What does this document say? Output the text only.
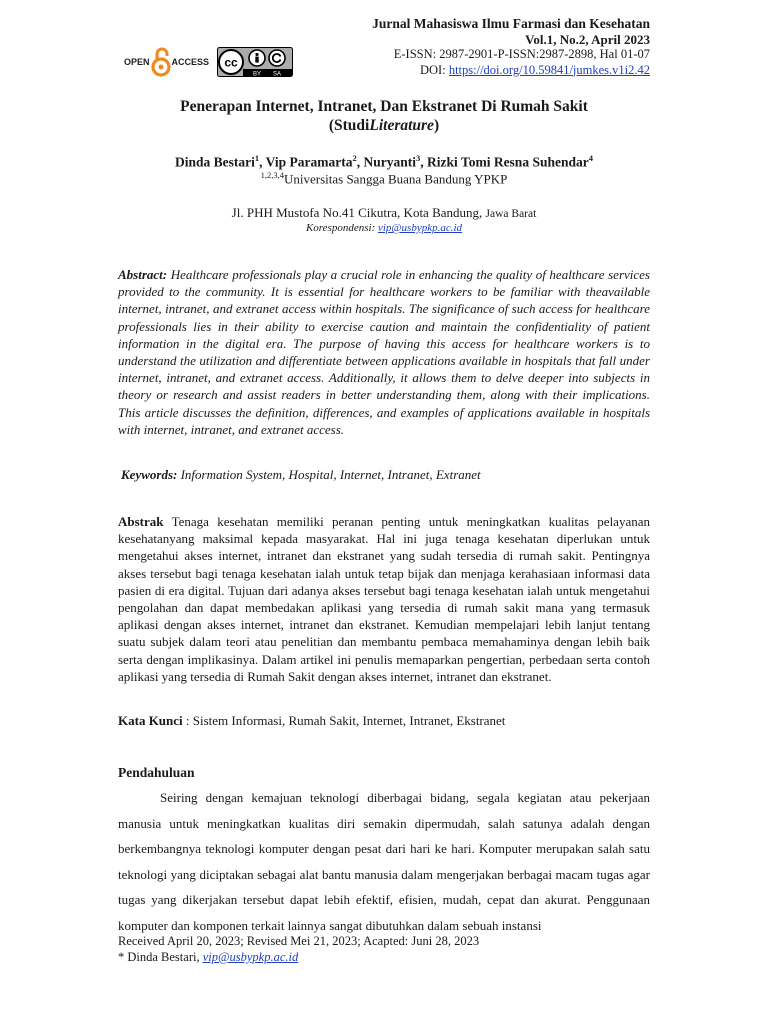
Jurnal Mahasiswa Ilmu Farmasi dan Kesehatan
Vol.1, No.2, April 2023
E-ISSN: 2987-2901-P-ISSN:2987-2898, Hal 01-07
DOI: https://doi.org/10.59841/jumkes.v1i2.42
OPEN ACCESS cc
BY SA
Penerapan Internet, Intranet, Dan Ekstranet Di Rumah Sakit
(StudiLiterature)
Dinda Bestari$^1$, Vip Paramarta$^2$, Nuryanti$^3$, Rizki Tomi Resna Suhendar$^4$
$^{1,2,3,4}$Universitas Sangga Buana Bandung YPKP
Jl. PHH Mustofa No.41 Cikutra, Kota Bandung, Jawa Barat
Korespondensi: vip@usbypkp.ac.id
Abstract: Healthcare professionals play a crucial role in enhancing the quality of healthcare services provided to the community. It is essential for healthcare workers to be familiar with theavailable internet, intranet, and extranet access within hospitals. The significance of such access for healthcare professionals lies in their ability to exercise caution and maintain the confidentiality of patient information in the digital era. The purpose of having this access for healthcare workers is to understand the utilization and differentiate between applications available in hospitals that fall under internet, intranet, and extranet access. Additionally, it allows them to delve deeper into subjects in theory or research and assist readers in better understanding them, along with their implications. This article discusses the definition, differences, and examples of applications available in hospitals with internet, intranet, and extranet access.
Keywords: Information System, Hospital, Internet, Intranet, Extranet
Abstrak Tenaga kesehatan memiliki peranan penting untuk meningkatkan kualitas pelayanan kesehatanyang maksimal kepada masyarakat. Hal ini juga tenaga kesehatan diperlukan untuk mengetahui akses internet, intranet dan ekstranet yang sudah tersedia di rumah sakit. Pentingnya akses tersebut bagi tenaga kesehatan ialah untuk tetap bijak dan menjaga kerahasiaan informasi data pasien di era digital. Tujuan dari adanya akses tersebut bagi tenaga kesehatan ialah untuk mengetahui pengolahan dan dapat membedakan aplikasi yang tersedia di rumah sakit mana yang termasuk aplikasi dengan akses internet, intranet dan ekstranet. Kemudian mempelajari lebih lanjut tentang suatu subjek dalam teori atau penelitian dan membantu pembaca memahaminya dengan lebih baik serta dengan implikasinya. Dalam artikel ini penulis memaparkan pengertian, perbedaan serta contoh aplikasi yang tersedia di Rumah Sakit dengan akses internet, intranet dan ekstranet.
Kata Kunci : Sistem Informasi, Rumah Sakit, Internet, Intranet, Ekstranet
Pendahuluan
Seiring dengan kemajuan teknologi diberbagai bidang, segala kegiatan atau pekerjaan manusia untuk meningkatkan kualitas diri semakin dipermudah, salah satunya adalah dengan berkembangnya teknologi komputer dengan pesat dari hari ke hari. Komputer merupakan salah satu teknologi yang diciptakan sebagai alat bantu manusia dalam mengerjakan berbagai macam tugas agar tugas yang dikerjakan tersebut dapat lebih efektif, efisien, mudah, cepat dan akurat. Penggunaan komputer dan komponen terkait lainnya sangat dibutuhkan dalam sebuah instansi
Received April 20, 2023; Revised Mei 21, 2023; Acapted: Juni 28, 2023
* Dinda Bestari, vip@usbypkp.ac.id
